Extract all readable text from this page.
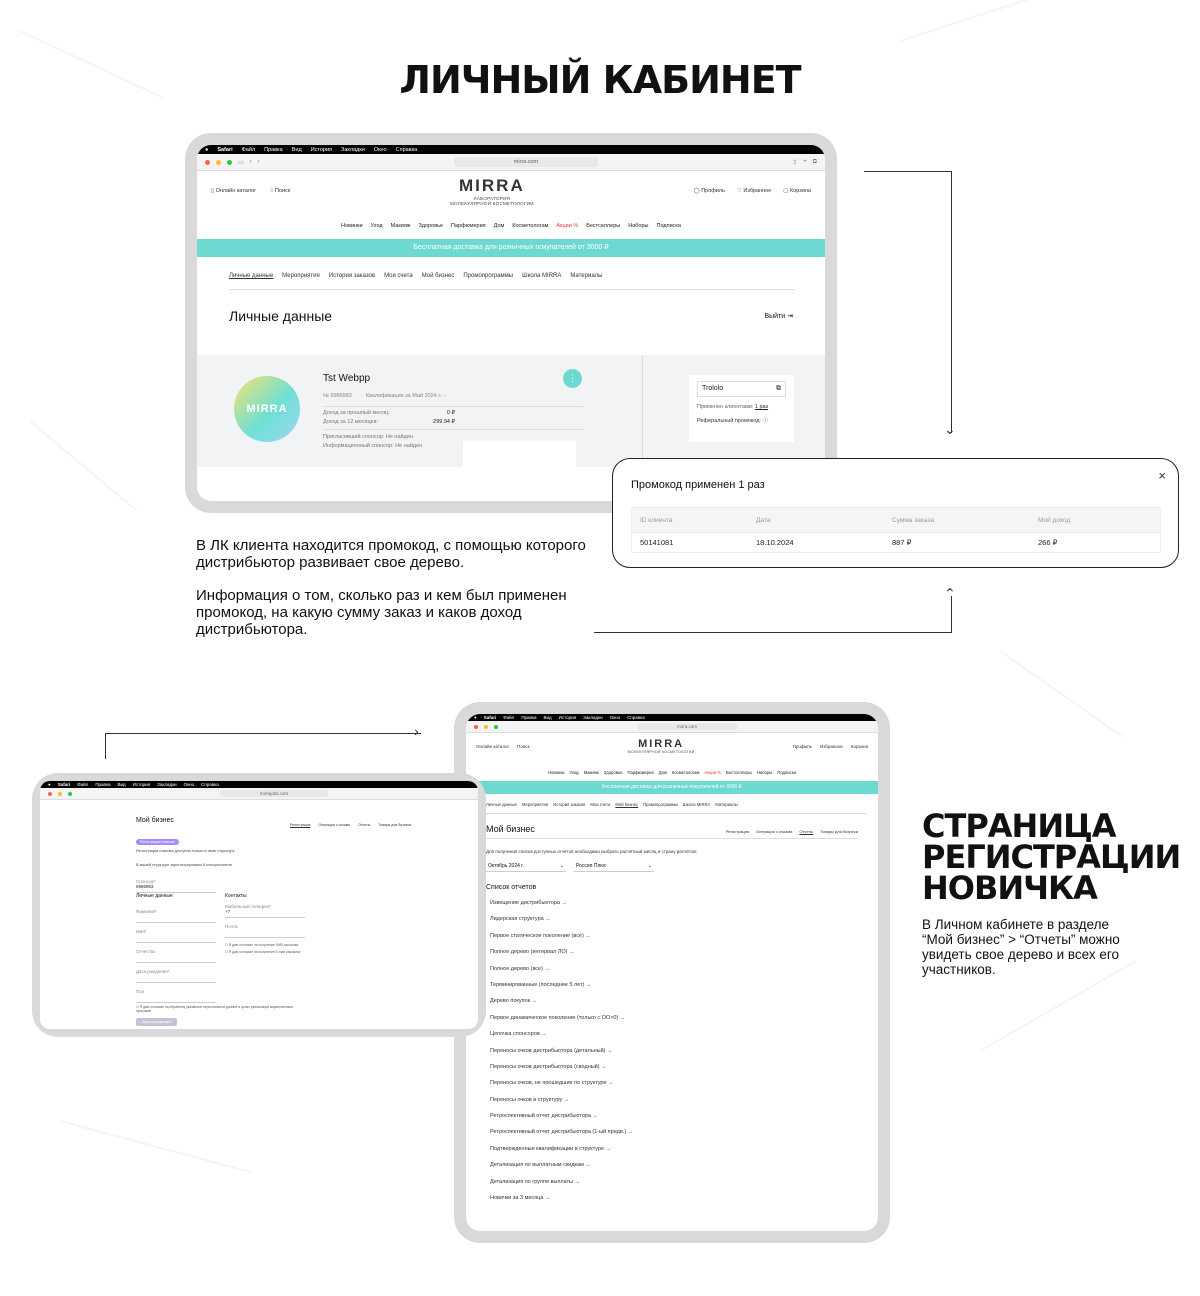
ЛИЧНЫЙ КАБИНЕТ
● Safari Файл Правка Вид История Закладки Окно Справка
▭ ‹ ›	mirra.com	⇪ + ⧉
▯ Онлайн каталог	○ Поиск	MIRRA
ЛАБОРАТОРИЯ
МОЛЕКУЛЯРНОЙ КОСМЕТОЛОГИИ
◯ Профиль ♡ Избранное ▢ Корзина
Новинки Уход Макияж Здоровье Парфюмерия Дом Косметологам Акции % Бестселлеры Наборы Подписка
Бесплатная доставка для розничных покупателей от 3000 ₽
Личные данные Мероприятия История заказов Мои счета Мой бизнес Промопрограммы Школа MIRRA Материалы
Личные данные	Выйти ⇥
MIRRA
Tst Webpp
№ 9986983	Квалификация за Май 2024 г.: -
Доход за прошлый месяц:	0 ₽
Доход за 12 месяцев:	299.94 ₽
Пригласивший спонсор: Не найден
Информационный спонсор: Не найден
⋮
Trololo	⧉
Применен клиентами: 1 раз
Реферальный промокод: ⓘ	⌄
Промокод применен 1 раз
×
ID клиента	Дата	Сумма заказа	Мой доход
50141081	18.10.2024	887 ₽	266 ₽
В ЛК клиента находится промокод, с помощью которого дистрибьютор развивает свое дерево.
Информация о том, сколько раз и кем был применен промокод, на какую сумму заказ и каков доход дистрибьютора.
⌄
›
● Safari Файл Правка Вид История Закладки Окно Справка
mirra.com
Онлайн каталог Поиск	MIRRA
МОЛЕКУЛЯРНОЙ КОСМЕТОЛОГИИ
Профиль Избранное Корзина
Новинки Уход Макияж Здоровье Парфюмерия Дом Косметологам Акции % Бестселлеры Наборы Подписка
Бесплатная доставка для розничных покупателей от 3000 ₽
Личные данные Мероприятия История заказов Мои счета Мой бизнес Промопрограммы Школа MIRRA Материалы
Мой бизнес	Регистрация Операции с очками Отчеты Товары для бизнеса
Для получения списка доступных отчётов необходимо выбрать расчётный месяц и страну расчётов:
Октябрь 2024 г.	⌄ Россия Плюс	⌄
Список отчетов
Извещение дистрибьютора →
Лидерская структура →
Первое статическое поколение (все) →
Полное дерево (интервал ЛО) →
Полное дерево (все) →
Терминированные (последние 5 лет) →
Дерево покупок →
Первое динамическое поколение (только с ОО>0) →
Цепочка спонсоров →
Переносы очков дистрибьютора (детальный) →
Переносы очков дистрибьютора (сводный) →
Переносы очков, не прошедшие по структуре →
Переносы очков в структуру →
Ретроспективный отчет дистрибьютора →
Ретроспективный отчет дистрибьютора (1-ый предв.) →
Подтвержденные квалификации в структуре →
Детализация по выплатным скидкам →
Детализация по группе выплаты →
Новички за 3 месяца →
● Safari Файл Правка Вид История Закладки Окно Справка
mirrajobs.com
Мой бизнес
Регистрация Операции с очками Отчеты Товары для бизнеса
Регистрация новичка
Регистрация новичка доступна только в свою структуру
В вашей структуре зарегистрировано 8 консультантов
Спонсор*
9986983
Личные данные	Контакты
Фамилия*
Имя*
Отчество
Дата рождения*
Пол
Мобильный телефон*
+7
Почта
☐ Я даю согласие на получение SMS рассылки
☐ Я даю согласие на получение E-mail рассылки
☐ Я даю согласие на обработку указанных персональных данных в целях реализации маркетинговых программ
Зарегистрировать
СТРАНИЦА
РЕГИСТРАЦИИ
НОВИЧКА
В Личном кабинете в разделе “Мой бизнес” > “Отчеты” можно увидеть свое дерево и всех его участников.
